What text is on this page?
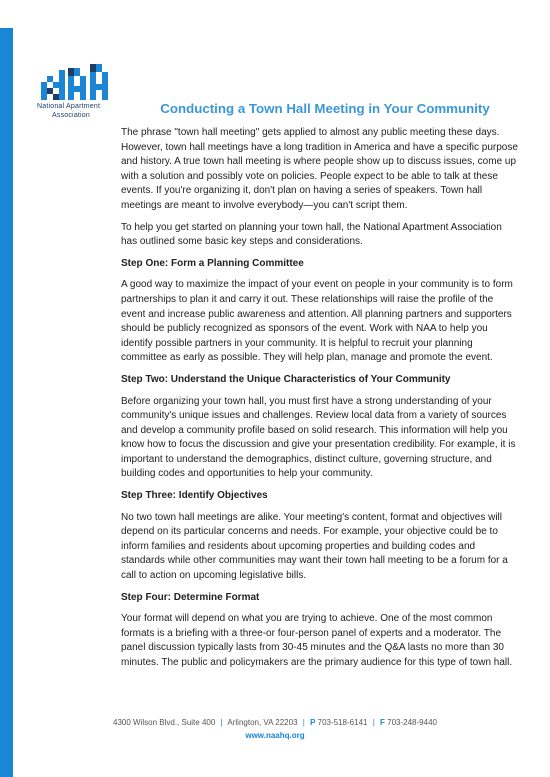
National Apartment
Association	Conducting a Town Hall Meeting in Your Community

The phrase "town hall meeting" gets applied to almost any public meeting these days. However, town hall meetings have a long tradition in America and have a specific purpose and history. A true town hall meeting is where people show up to discuss issues, come up with a solution and possibly vote on policies. People expect to be able to talk at these events. If you're organizing it, don't plan on having a series of speakers. Town hall meetings are meant to involve everybody—you can't script them.

To help you get started on planning your town hall, the National Apartment Association has outlined some basic key steps and considerations.

Step One: Form a Planning Committee

A good way to maximize the impact of your event on people in your community is to form partnerships to plan it and carry it out. These relationships will raise the profile of the event and increase public awareness and attention. All planning partners and supporters should be publicly recognized as sponsors of the event. Work with NAA to help you identify possible partners in your community. It is helpful to recruit your planning committee as early as possible. They will help plan, manage and promote the event.

Step Two: Understand the Unique Characteristics of Your Community

Before organizing your town hall, you must first have a strong understanding of your community's unique issues and challenges. Review local data from a variety of sources and develop a community profile based on solid research. This information will help you know how to focus the discussion and give your presentation credibility. For example, it is important to understand the demographics, distinct culture, governing structure, and building codes and opportunities to help your community.

Step Three: Identify Objectives

No two town hall meetings are alike. Your meeting's content, format and objectives will depend on its particular concerns and needs. For example, your objective could be to inform families and residents about upcoming properties and building codes and standards while other communities may want their town hall meeting to be a forum for a call to action on upcoming legislative bills.

Step Four: Determine Format

Your format will depend on what you are trying to achieve. One of the most common formats is a briefing with a three-or four-person panel of experts and a moderator. The panel discussion typically lasts from 30-45 minutes and the Q&A lasts no more than 30 minutes. The public and policymakers are the primary audience for this type of town hall.

4300 Wilson Blvd., Suite 400 | Arlington, VA 22203 | P 703-518-6141 | F 703-248-9440
www.naahq.org
